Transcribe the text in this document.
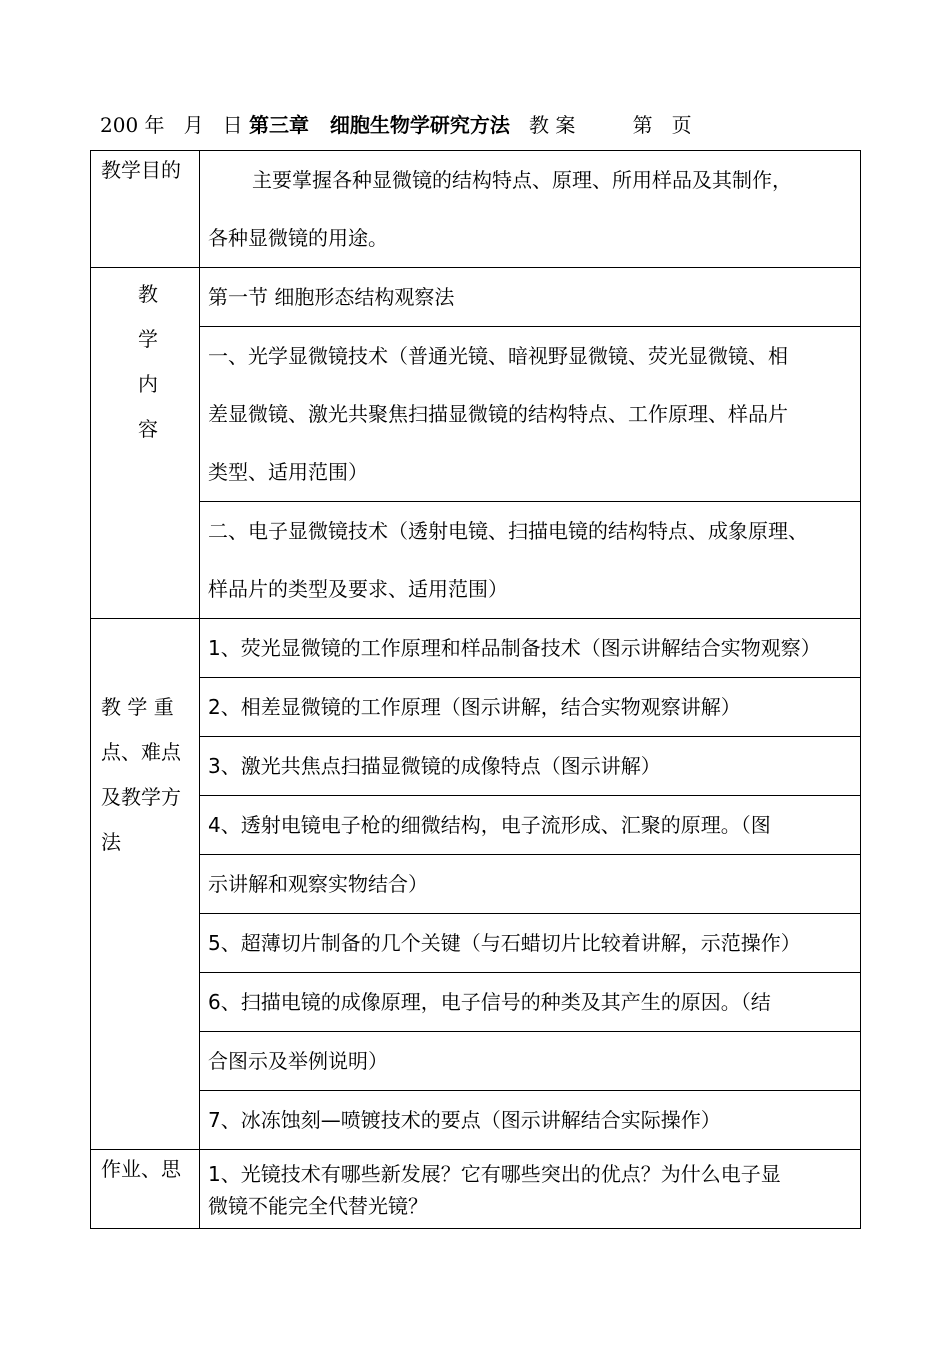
200 年   月   日 第三章   细胞生物学研究方法   教 案         第   页
教学目的	主要掌握各种显微镜的结构特点、原理、所用样品及其制作，
各种显微镜的用途。

教
学
内
容	第一节 细胞形态结构观察法

	一、光学显微镜技术（普通光镜、暗视野显微镜、荧光显微镜、相
差显微镜、激光共聚焦扫描显微镜的结构特点、工作原理、样品片
类型、适用范围）

	二、电子显微镜技术（透射电镜、扫描电镜的结构特点、成象原理、
样品片的类型及要求、适用范围）

教 学 重
点、难点
及教学方
法	1、荧光显微镜的工作原理和样品制备技术（图示讲解结合实物观察）
	2、相差显微镜的工作原理（图示讲解，结合实物观察讲解）
	3、激光共焦点扫描显微镜的成像特点（图示讲解）
	4、透射电镜电子枪的细微结构，电子流形成、汇聚的原理。（图
	示讲解和观察实物结合）
	5、超薄切片制备的几个关键（与石蜡切片比较着讲解，示范操作）
	6、扫描电镜的成像原理，电子信号的种类及其产生的原因。（结
	合图示及举例说明）
	7、冰冻蚀刻—喷镀技术的要点（图示讲解结合实际操作）
作业、思	1、光镜技术有哪些新发展？它有哪些突出的优点？为什么电子显
微镜不能完全代替光镜？
